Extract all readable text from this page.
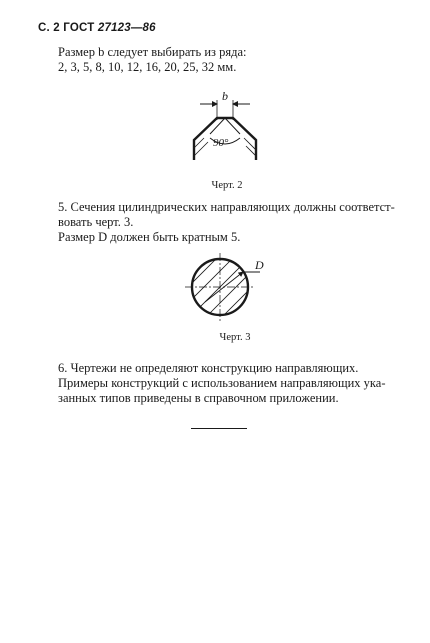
С. 2 ГОСТ 27123—86
Размер b следует выбирать из ряда:
2, 3, 5, 8, 10, 12, 16, 20, 25, 32 мм.
b
90°
Черт. 2
5. Сечения цилиндрических направляющих должны соответст-
вовать черт. 3.
Размер D должен быть кратным 5.
D
Черт. 3
6. Чертежи не определяют конструкцию направляющих.
Примеры конструкций с использованием направляющих ука-
занных типов приведены в справочном приложении.
